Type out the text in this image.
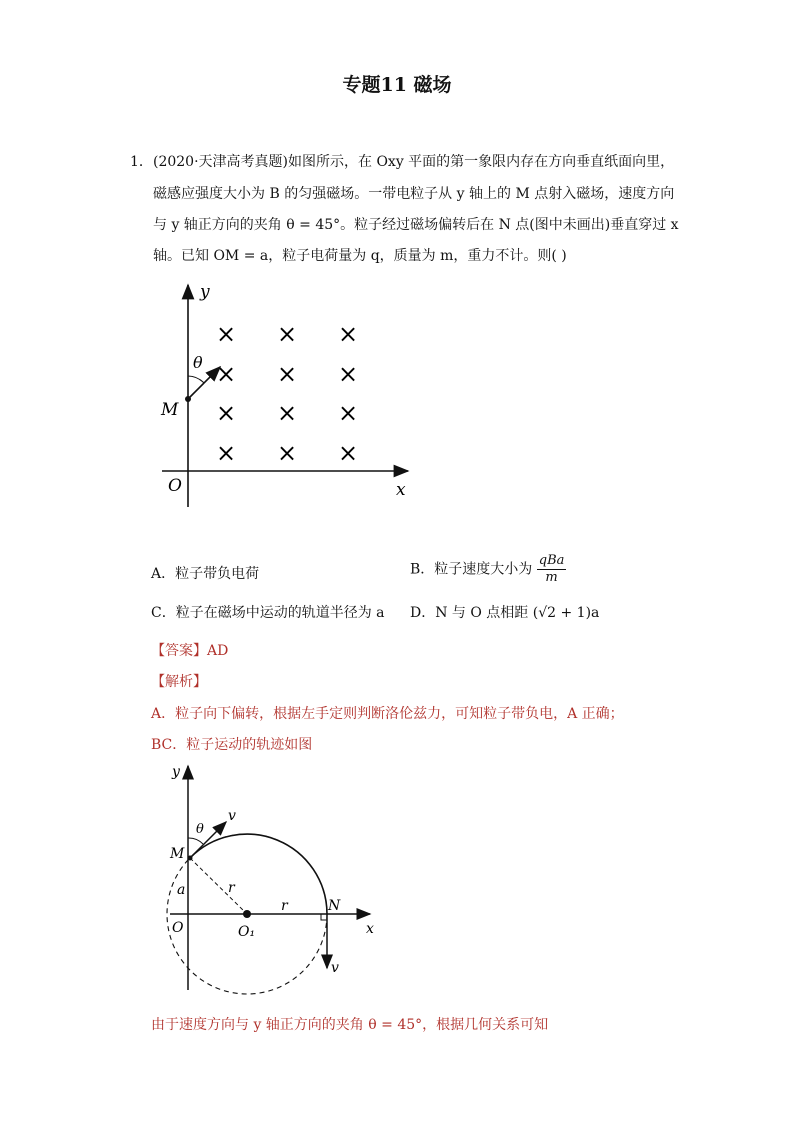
专题11 磁场
1． (2020·天津高考真题)如图所示，在 Oxy 平面的第一象限内存在方向垂直纸面向里，
磁感应强度大小为 B 的匀强磁场。一带电粒子从 y 轴上的 M 点射入磁场，速度方向
与 y 轴正方向的夹角 θ = 45°。粒子经过磁场偏转后在 N 点(图中未画出)垂直穿过 x
轴。已知 OM = a，粒子电荷量为 q，质量为 m，重力不计。则( )
y
x
O
M
θ
× × ×
× × ×
× × ×
× × ×
A．粒子带负电荷	B．粒子速度大小为 $\frac{\text{qBa}}{m}$
C．粒子在磁场中运动的轨道半径为 a D．N 与 O 点相距 (√2 + 1)a
【答案】AD
【解析】
A．粒子向下偏转，根据左手定则判断洛伦兹力，可知粒子带负电，A 正确；
BC．粒子运动的轨迹如图
y
x
O	O₁
M
a	r
r
v
θ
N
v
由于速度方向与 y 轴正方向的夹角 θ = 45°，根据几何关系可知
